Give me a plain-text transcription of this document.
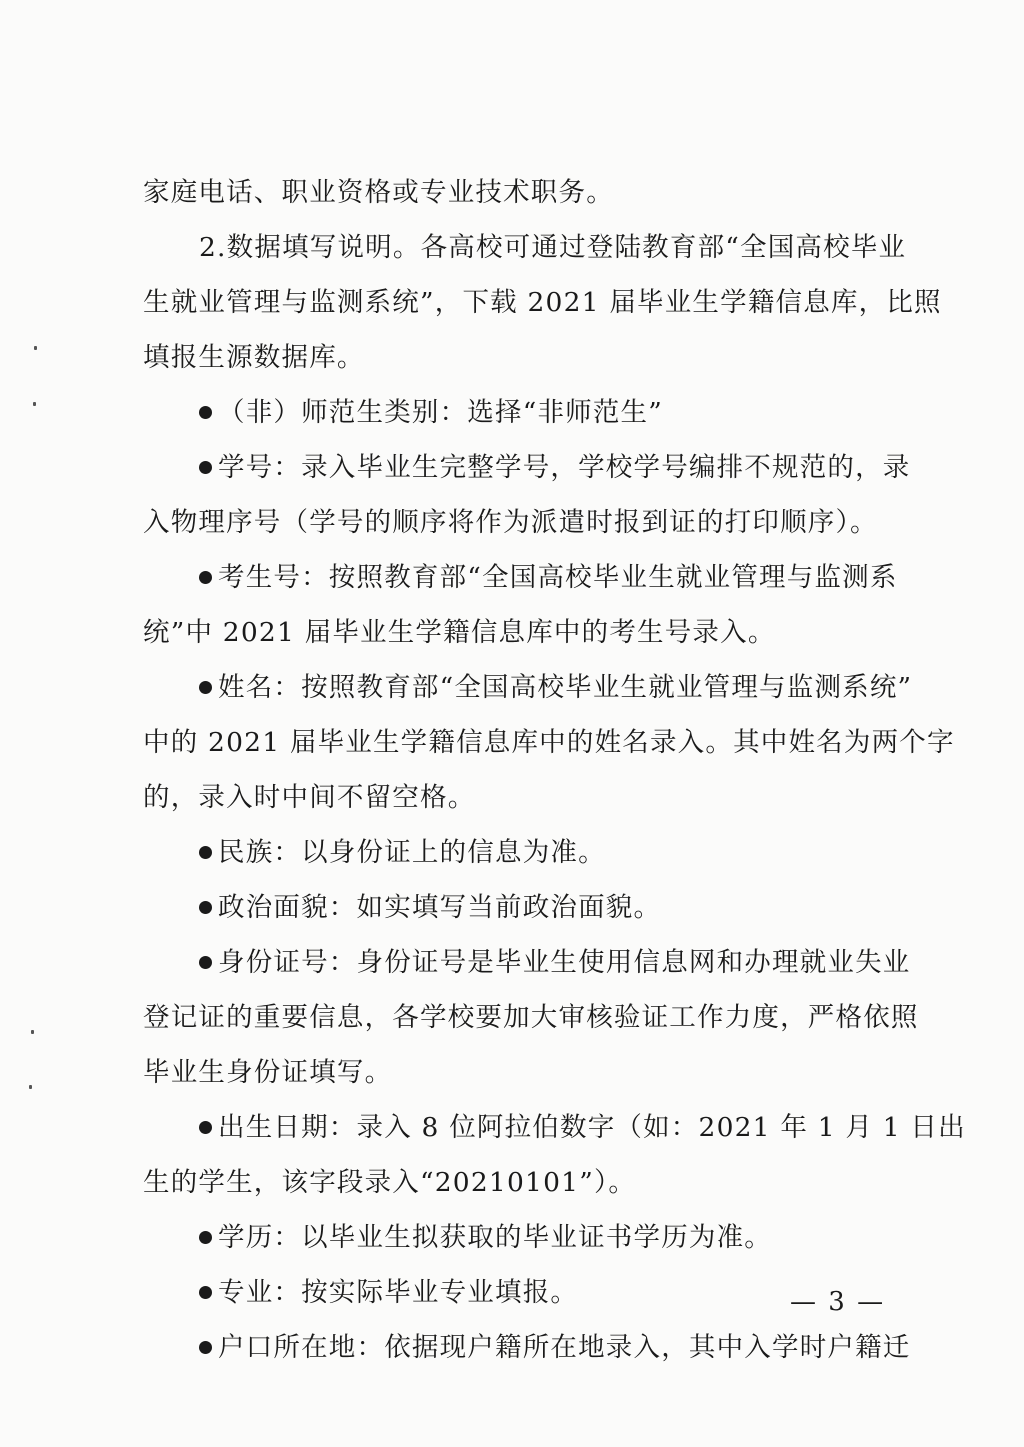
家庭电话、职业资格或专业技术职务。
2.数据填写说明。各高校可通过登陆教育部“全国高校毕业
生就业管理与监测系统”，下载 2021 届毕业生学籍信息库，比照
填报生源数据库。
（非）师范生类别：选择“非师范生”
学号：录入毕业生完整学号，学校学号编排不规范的，录
入物理序号（学号的顺序将作为派遣时报到证的打印顺序）。
考生号：按照教育部“全国高校毕业生就业管理与监测系
统”中 2021 届毕业生学籍信息库中的考生号录入。
姓名：按照教育部“全国高校毕业生就业管理与监测系统”
中的 2021 届毕业生学籍信息库中的姓名录入。其中姓名为两个字
的，录入时中间不留空格。
民族：以身份证上的信息为准。
政治面貌：如实填写当前政治面貌。
身份证号：身份证号是毕业生使用信息网和办理就业失业
登记证的重要信息，各学校要加大审核验证工作力度，严格依照
毕业生身份证填写。
出生日期：录入 8 位阿拉伯数字（如：2021 年 1 月 1 日出
生的学生，该字段录入“20210101”）。
学历：以毕业生拟获取的毕业证书学历为准。
专业：按实际毕业专业填报。
户口所在地：依据现户籍所在地录入，其中入学时户籍迁
— 3 —
